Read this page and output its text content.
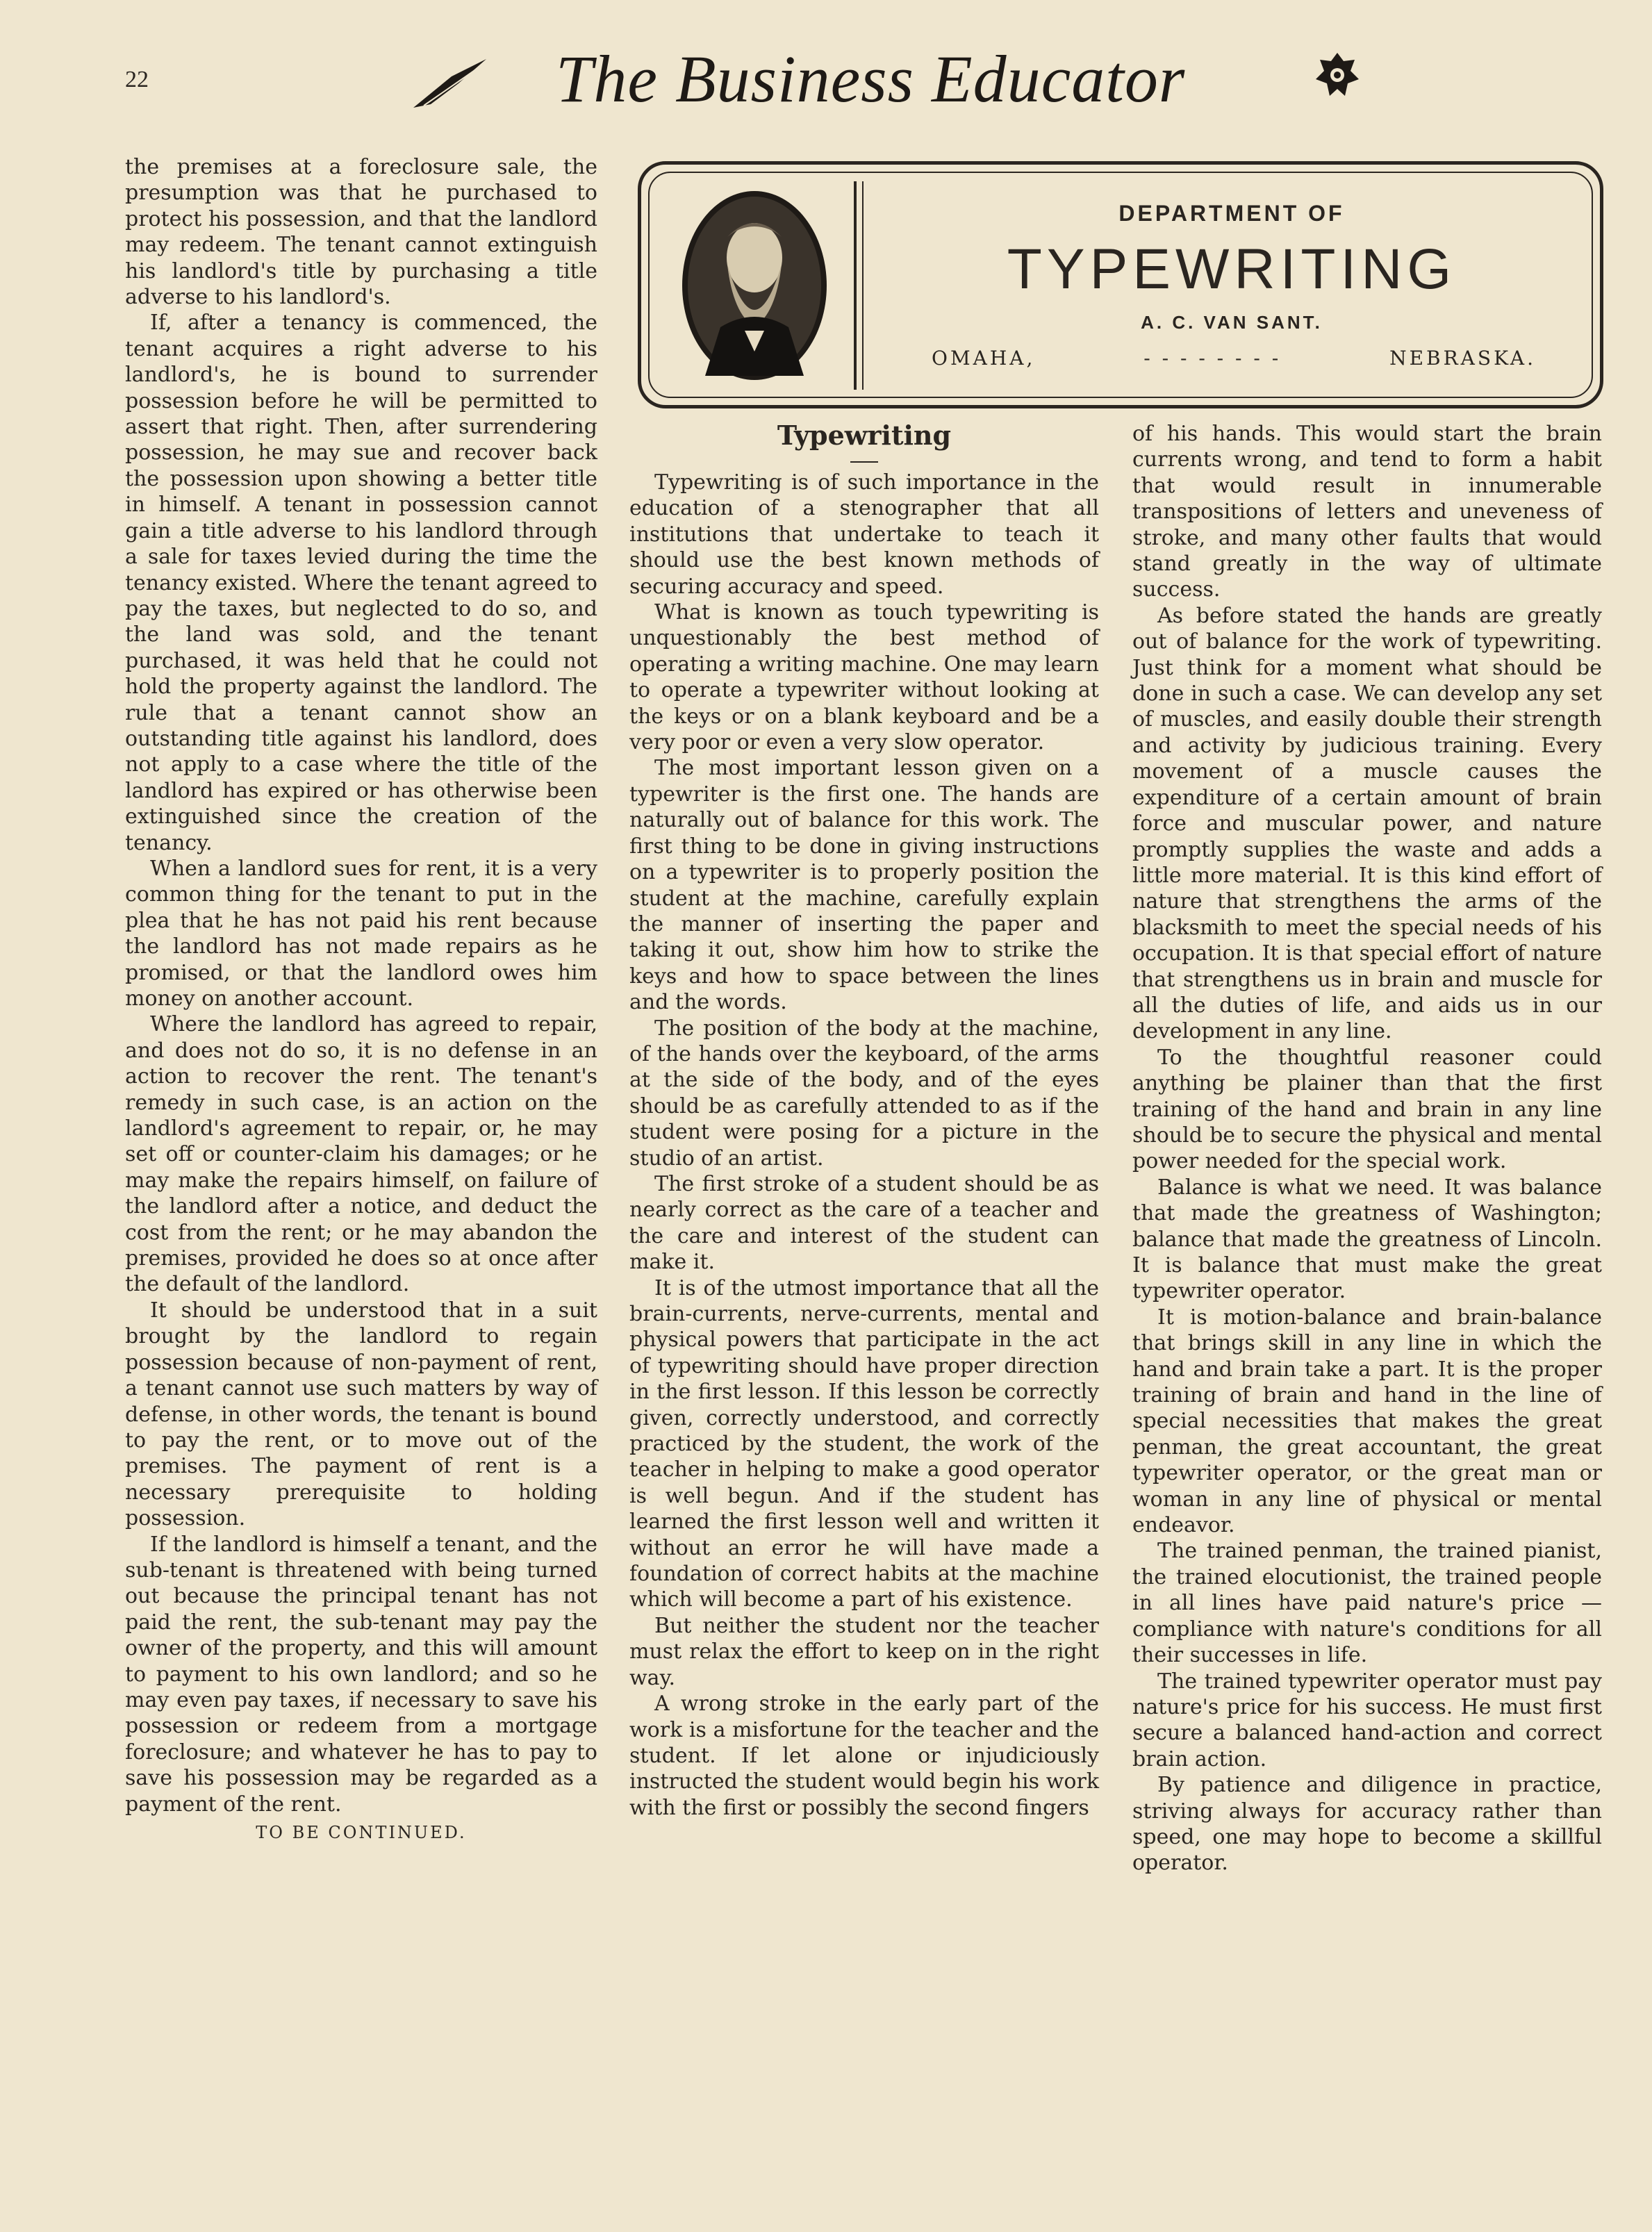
22	The Business Educator

the premises at a foreclosure sale, the presumption was that he purchased to protect his possession, and that the landlord may redeem. The tenant cannot extinguish his landlord's title by purchasing a title adverse to his landlord's.

If, after a tenancy is commenced, the tenant acquires a right adverse to his landlord's, he is bound to surrender possession before he will be permitted to assert that right. Then, after surrendering possession, he may sue and recover back the possession upon showing a better title in himself. A tenant in possession cannot gain a title adverse to his landlord through a sale for taxes levied during the time the tenancy existed. Where the tenant agreed to pay the taxes, but neglected to do so, and the land was sold, and the tenant purchased, it was held that he could not hold the property against the landlord. The rule that a tenant cannot show an outstanding title against his landlord, does not apply to a case where the title of the landlord has expired or has otherwise been extinguished since the creation of the tenancy.

When a landlord sues for rent, it is a very common thing for the tenant to put in the plea that he has not paid his rent because the landlord has not made repairs as he promised, or that the landlord owes him money on another account.

Where the landlord has agreed to repair, and does not do so, it is no defense in an action to recover the rent. The tenant's remedy in such case, is an action on the landlord's agreement to repair, or, he may set off or counter-claim his damages; or he may make the repairs himself, on failure of the landlord after a notice, and deduct the cost from the rent; or he may abandon the premises, provided he does so at once after the default of the landlord.

It should be understood that in a suit brought by the landlord to regain possession because of non-payment of rent, a tenant cannot use such matters by way of defense, in other words, the tenant is bound to pay the rent, or to move out of the premises. The payment of rent is a necessary prerequisite to holding possession.

If the landlord is himself a tenant, and the sub-tenant is threatened with being turned out because the principal tenant has not paid the rent, the sub-tenant may pay the owner of the property, and this will amount to payment to his own landlord; and so he may even pay taxes, if necessary to save his possession or redeem from a mortgage foreclosure; and whatever he has to pay to save his possession may be regarded as a payment of the rent.

TO BE CONTINUED.
DEPARTMENT OF
TYPEWRITING
A. C. VAN SANT.
OMAHA,	- - - - - - - -	NEBRASKA.
Typewriting

Typewriting is of such importance in the education of a stenographer that all institutions that undertake to teach it should use the best known methods of securing accuracy and speed.

What is known as touch typewriting is unquestionably the best method of operating a writing machine. One may learn to operate a typewriter without looking at the keys or on a blank keyboard and be a very poor or even a very slow operator.

The most important lesson given on a typewriter is the first one. The hands are naturally out of balance for this work. The first thing to be done in giving instructions on a typewriter is to properly position the student at the machine, carefully explain the manner of inserting the paper and taking it out, show him how to strike the keys and how to space between the lines and the words.

The position of the body at the machine, of the hands over the keyboard, of the arms at the side of the body, and of the eyes should be as carefully attended to as if the student were posing for a picture in the studio of an artist.

The first stroke of a student should be as nearly correct as the care of a teacher and the care and interest of the student can make it.

It is of the utmost importance that all the brain-currents, nerve-currents, mental and physical powers that participate in the act of typewriting should have proper direction in the first lesson. If this lesson be correctly given, correctly understood, and correctly practiced by the student, the work of the teacher in helping to make a good operator is well begun. And if the student has learned the first lesson well and written it without an error he will have made a foundation of correct habits at the machine which will become a part of his existence.

But neither the student nor the teacher must relax the effort to keep on in the right way.

A wrong stroke in the early part of the work is a misfortune for the teacher and the student. If let alone or injudiciously instructed the student would begin his work with the first or possibly the second fingers

of his hands. This would start the brain currents wrong, and tend to form a habit that would result in innumerable transpositions of letters and uneveness of stroke, and many other faults that would stand greatly in the way of ultimate success.

As before stated the hands are greatly out of balance for the work of typewriting. Just think for a moment what should be done in such a case. We can develop any set of muscles, and easily double their strength and activity by judicious training. Every movement of a muscle causes the expenditure of a certain amount of brain force and muscular power, and nature promptly supplies the waste and adds a little more material. It is this kind effort of nature that strengthens the arms of the blacksmith to meet the special needs of his occupation. It is that special effort of nature that strengthens us in brain and muscle for all the duties of life, and aids us in our development in any line.

To the thoughtful reasoner could anything be plainer than that the first training of the hand and brain in any line should be to secure the physical and mental power needed for the special work.

Balance is what we need. It was balance that made the greatness of Washington; balance that made the greatness of Lincoln. It is balance that must make the great typewriter operator.

It is motion-balance and brain-balance that brings skill in any line in which the hand and brain take a part. It is the proper training of brain and hand in the line of special necessities that makes the great penman, the great accountant, the great typewriter operator, or the great man or woman in any line of physical or mental endeavor.

The trained penman, the trained pianist, the trained elocutionist, the trained people in all lines have paid nature's price — compliance with nature's conditions for all their successes in life.

The trained typewriter operator must pay nature's price for his success. He must first secure a balanced hand-action and correct brain action.

By patience and diligence in practice, striving always for accuracy rather than speed, one may hope to become a skillful operator.
